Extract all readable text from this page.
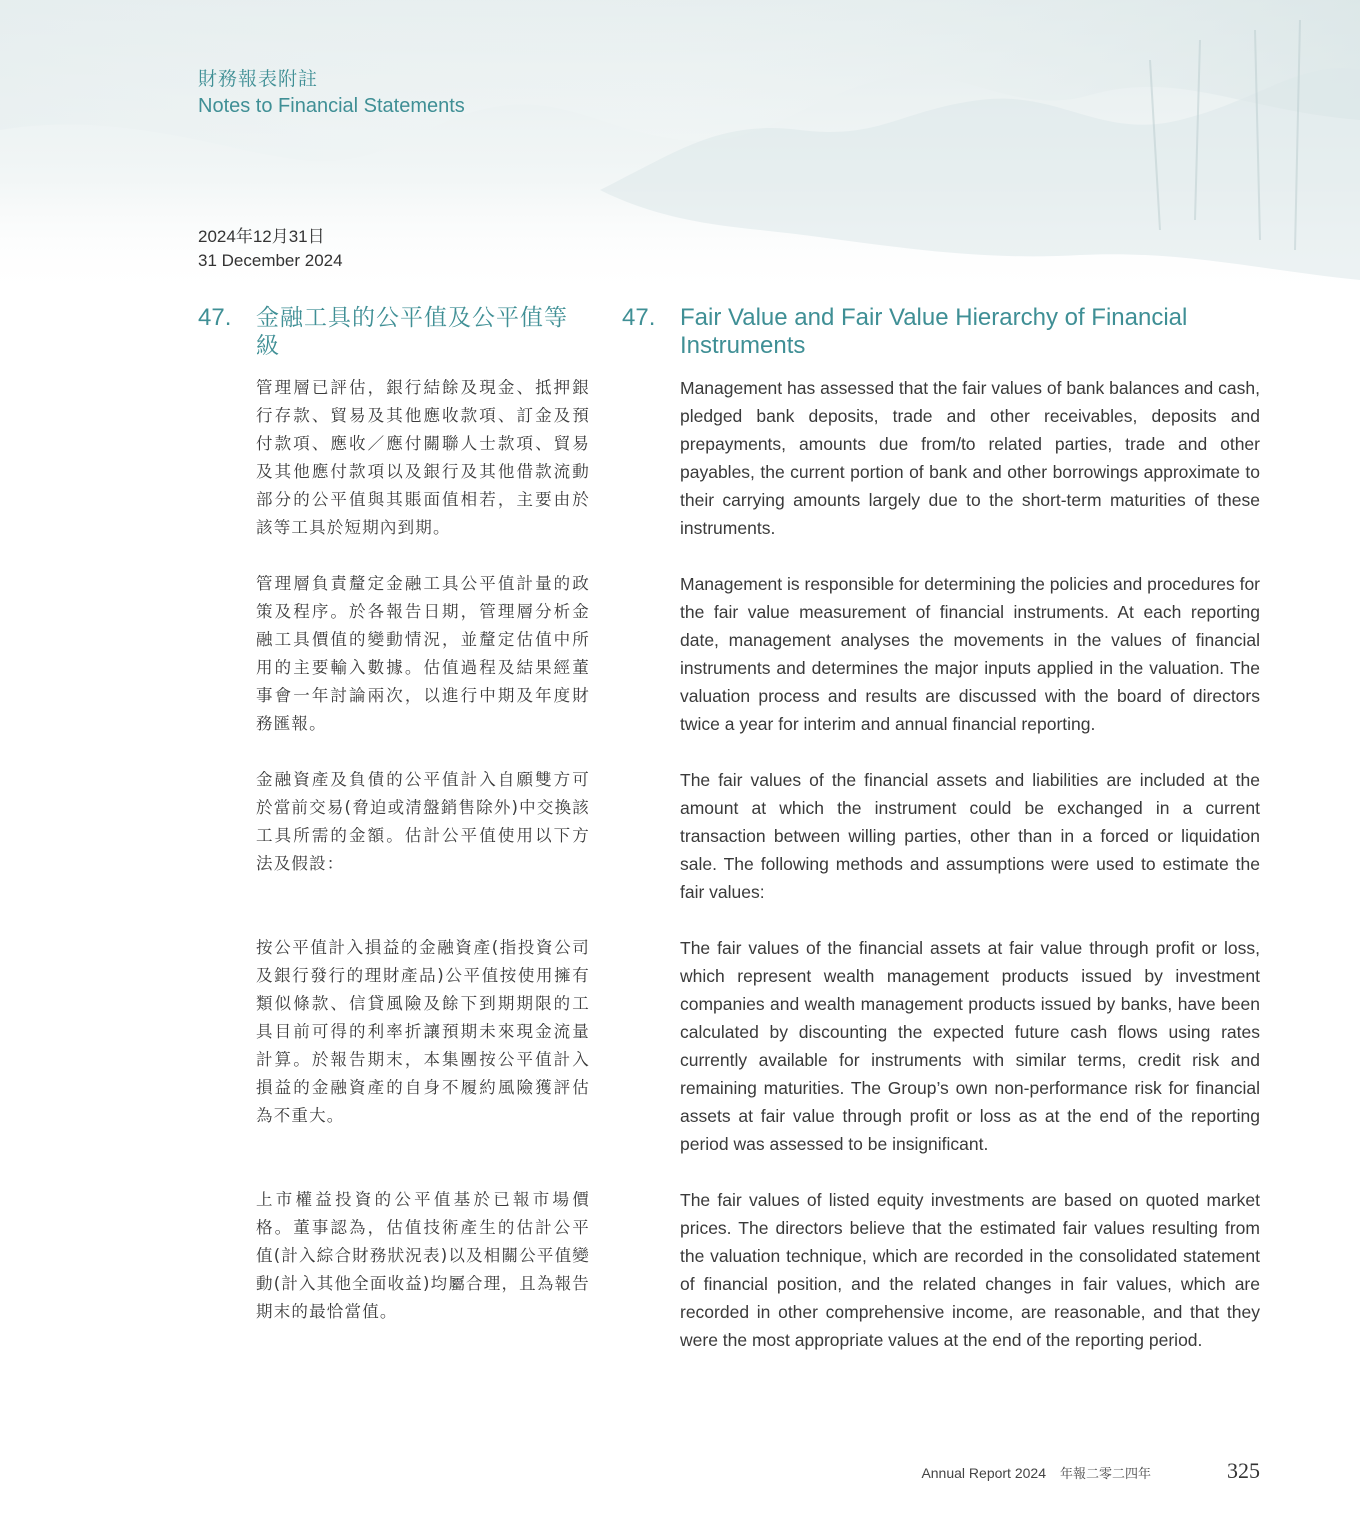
財務報表附註
Notes to Financial Statements
2024年12月31日
31 December 2024
47.	金融工具的公平值及公平值等級

管理層已評估，銀行結餘及現金、抵押銀行存款、貿易及其他應收款項、訂金及預付款項、應收／應付關聯人士款項、貿易及其他應付款項以及銀行及其他借款流動部分的公平值與其賬面值相若，主要由於該等工具於短期內到期。

管理層負責釐定金融工具公平值計量的政策及程序。於各報告日期，管理層分析金融工具價值的變動情況，並釐定估值中所用的主要輸入數據。估值過程及結果經董事會一年討論兩次，以進行中期及年度財務匯報。

金融資產及負債的公平值計入自願雙方可於當前交易(脅迫或清盤銷售除外)中交換該工具所需的金額。估計公平值使用以下方法及假設：

按公平值計入損益的金融資產(指投資公司及銀行發行的理財產品)公平值按使用擁有類似條款、信貸風險及餘下到期期限的工具目前可得的利率折讓預期未來現金流量計算。於報告期末，本集團按公平值計入損益的金融資產的自身不履約風險獲評估為不重大。

上市權益投資的公平值基於已報市場價格。董事認為，估值技術產生的估計公平值(計入綜合財務狀況表)以及相關公平值變動(計入其他全面收益)均屬合理，且為報告期末的最恰當值。

47.	Fair Value and Fair Value Hierarchy of Financial Instruments

Management has assessed that the fair values of bank balances and cash, pledged bank deposits, trade and other receivables, deposits and prepayments, amounts due from/to related parties, trade and other payables, the current portion of bank and other borrowings approximate to their carrying amounts largely due to the short-term maturities of these instruments.

Management is responsible for determining the policies and procedures for the fair value measurement of financial instruments. At each reporting date, management analyses the movements in the values of financial instruments and determines the major inputs applied in the valuation. The valuation process and results are discussed with the board of directors twice a year for interim and annual financial reporting.

The fair values of the financial assets and liabilities are included at the amount at which the instrument could be exchanged in a current transaction between willing parties, other than in a forced or liquidation sale. The following methods and assumptions were used to estimate the fair values:

The fair values of the financial assets at fair value through profit or loss, which represent wealth management products issued by investment companies and wealth management products issued by banks, have been calculated by discounting the expected future cash flows using rates currently available for instruments with similar terms, credit risk and remaining maturities. The Group’s own non-performance risk for financial assets at fair value through profit or loss as at the end of the reporting period was assessed to be insignificant.

The fair values of listed equity investments are based on quoted market prices. The directors believe that the estimated fair values resulting from the valuation technique, which are recorded in the consolidated statement of financial position, and the related changes in fair values, which are recorded in other comprehensive income, are reasonable, and that they were the most appropriate values at the end of the reporting period.

Annual Report 2024 年報二零二四年	325
